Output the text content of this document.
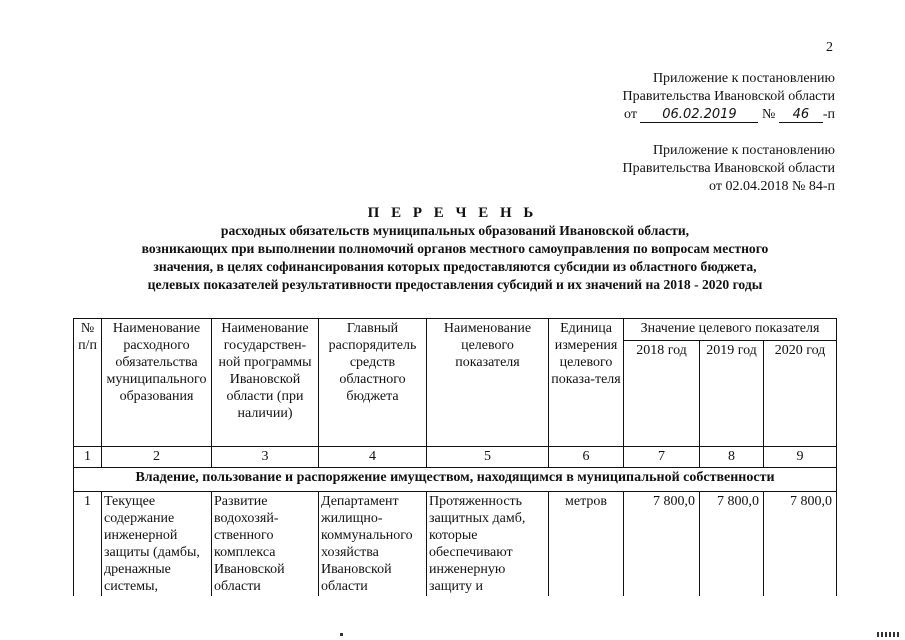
2
Приложение к постановлению
Правительства Ивановской области
от 06.02.2019 № 46 -п
Приложение к постановлению
Правительства Ивановской области
от 02.04.2018 № 84-п
П Е Р Е Ч Е Н Ь
расходных обязательств муниципальных образований Ивановской области,
возникающих при выполнении полномочий органов местного самоуправления по вопросам местного
значения, в целях софинансирования которых предоставляются субсидии из областного бюджета,
целевых показателей результативности предоставления субсидий и их значений на 2018 - 2020 годы
№ п/п	Наименование расходного обязательства муниципального образования	Наименование государствен-ной программы Ивановской области (при наличии)	Главный распорядитель средств областного бюджета	Наименование целевого показателя	Единица измерения целевого показа-теля	Значение целевого показателя		
						2018 год	2019 год	2020 год
1	2	3	4	5	6	7	8	9
Владение, пользование и распоряжение имуществом, находящимся в муниципальной собственности								
1	Текущее содержание инженерной защиты (дамбы, дренажные системы,	Развитие водохозяй-ственного комплекса Ивановской области	Департамент жилищно-коммунального хозяйства Ивановской области	Протяженность защитных дамб, которые обеспечивают инженерную защиту и	метров	7 800,0	7 800,0	7 800,0
